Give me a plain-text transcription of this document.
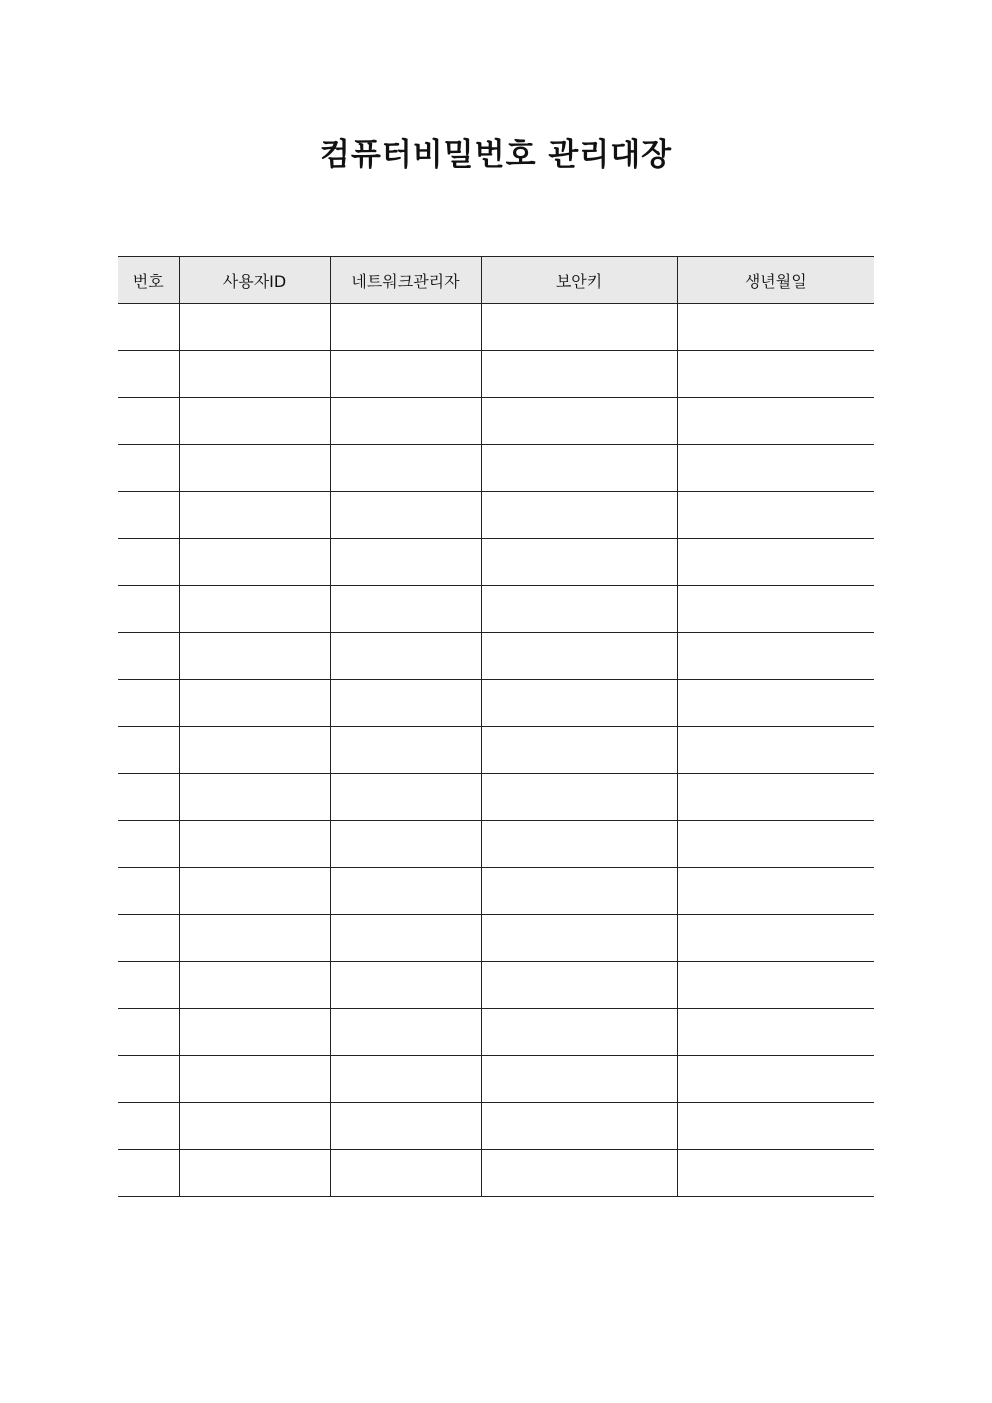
컴퓨터비밀번호 관리대장
번호	사용자ID	네트워크관리자	보안키	생년월일
